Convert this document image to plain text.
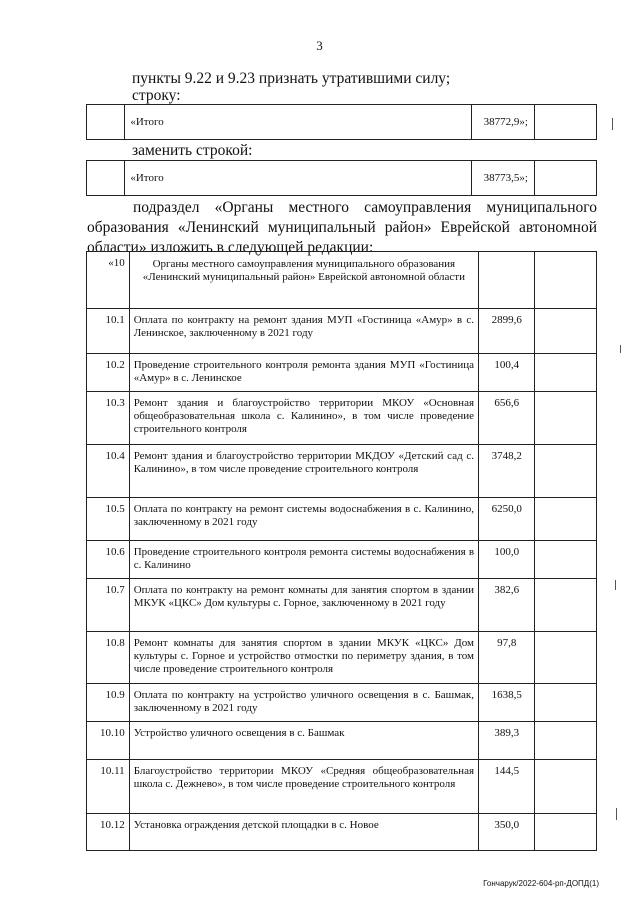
3
пункты 9.22 и 9.23 признать утратившими силу;
строку:
	«Итого	38772,9»;	
заменить строкой:
	«Итого	38773,5»;	
подраздел «Органы местного самоуправления муниципального образования «Ленинский муниципальный район» Еврейской автономной области» изложить в следующей редакции:
«10	Органы местного самоуправления муниципального образования «Ленинский муниципальный район» Еврейской автономной области		
10.1	Оплата по контракту на ремонт здания МУП «Гостиница «Амур» в с. Ленинское, заключенному в 2021 году	2899,6	
10.2	Проведение строительного контроля ремонта здания МУП «Гостиница «Амур» в с. Ленинское	100,4	
10.3	Ремонт здания и благоустройство территории МКОУ «Основная общеобразовательная школа с. Калинино», в том числе проведение строительного контроля	656,6	
10.4	Ремонт здания и благоустройство территории МКДОУ «Детский сад с. Калинино», в том числе проведение строительного контроля	3748,2	
10.5	Оплата по контракту на ремонт системы водоснабжения в с. Калинино, заключенному в 2021 году	6250,0	
10.6	Проведение строительного контроля ремонта системы водоснабжения в с. Калинино	100,0	
10.7	Оплата по контракту на ремонт комнаты для занятия спортом в здании МКУК «ЦКС» Дом культуры с. Горное, заключенному в 2021 году	382,6	
10.8	Ремонт комнаты для занятия спортом в здании МКУК «ЦКС» Дом культуры с. Горное и устройство отмостки по периметру здания, в том числе проведение строительного контроля	97,8	
10.9	Оплата по контракту на устройство уличного освещения в с. Башмак, заключенному в 2021 году	1638,5	
10.10	Устройство уличного освещения в с. Башмак	389,3	
10.11	Благоустройство территории МКОУ «Средняя общеобразовательная школа с. Дежнево», в том числе проведение строительного контроля	144,5	
10.12	Установка ограждения детской площадки в с. Новое	350,0	
Гончарук/2022-604-рп-ДОПД(1)
